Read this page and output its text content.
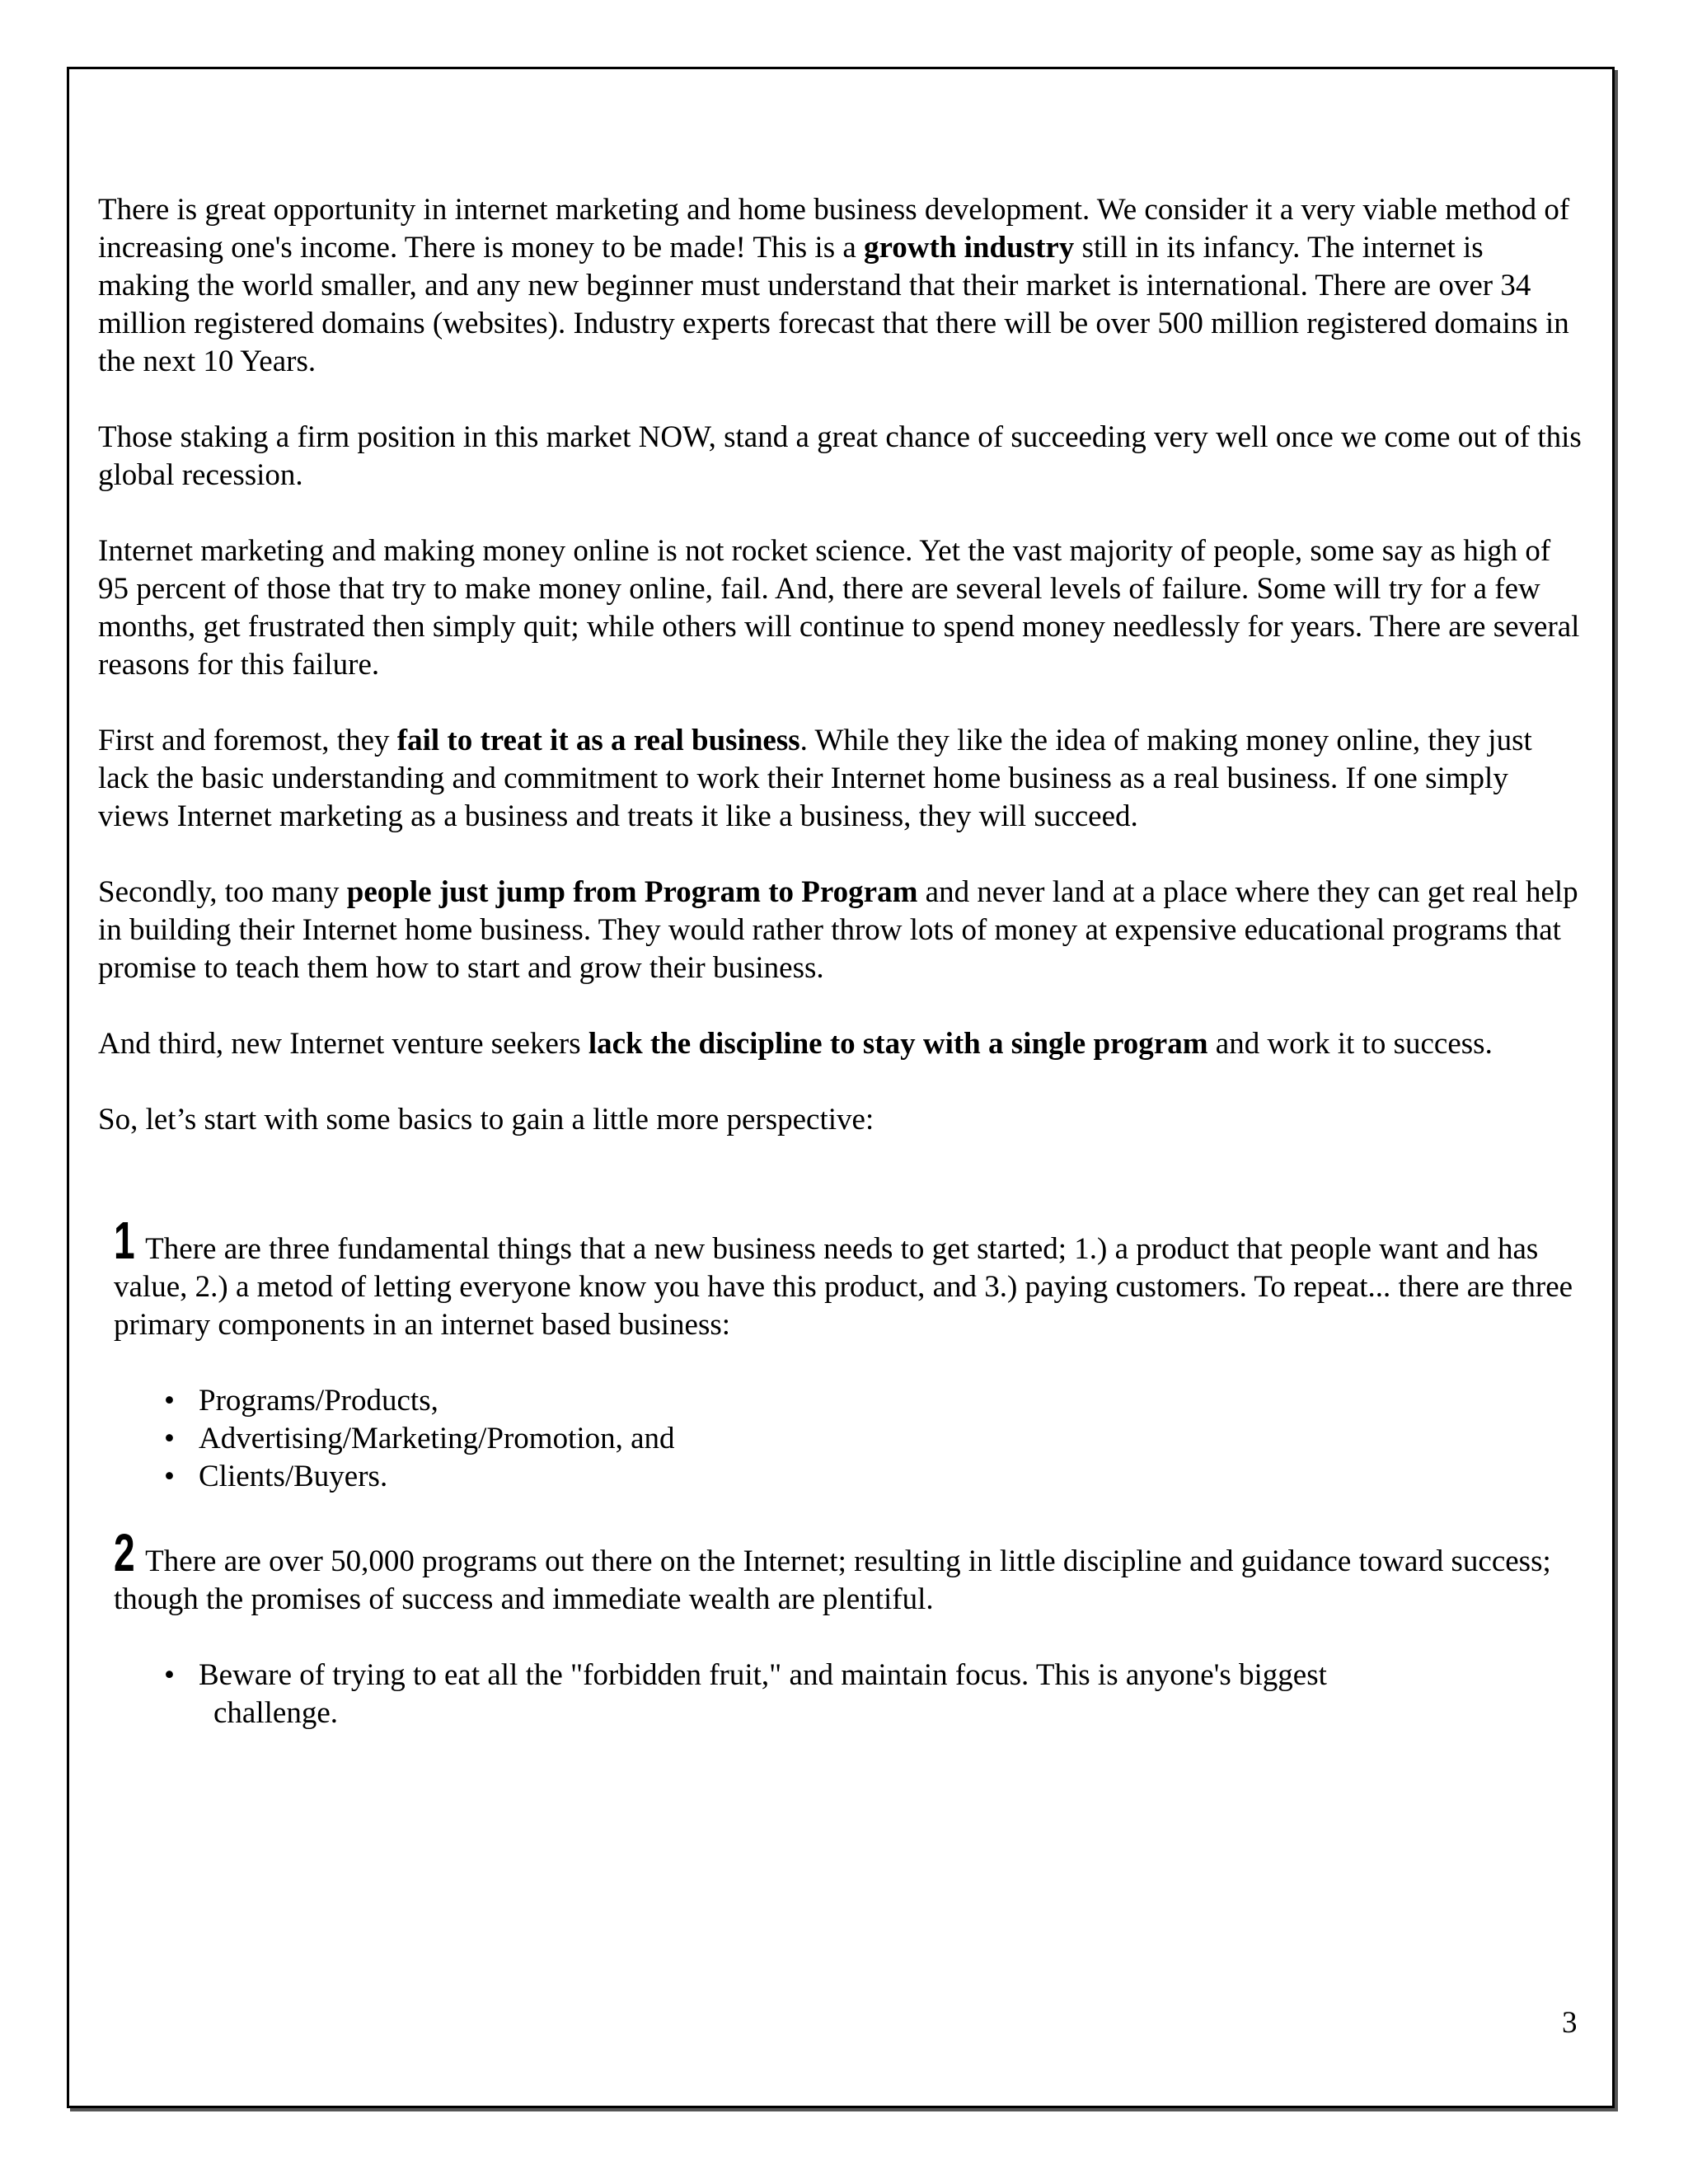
There is great opportunity in internet marketing and home business development. We consider it a very viable method of increasing one's income. There is money to be made! This is a growth industry still in its infancy. The internet is making the world smaller, and any new beginner must understand that their market is international. There are over 34 million registered domains (websites). Industry experts forecast that there will be over 500 million registered domains in the next 10 Years.

Those staking a firm position in this market NOW, stand a great chance of succeeding very well once we come out of this global recession.

Internet marketing and making money online is not rocket science. Yet the vast majority of people, some say as high of 95 percent of those that try to make money online, fail. And, there are several levels of failure. Some will try for a few months, get frustrated then simply quit; while others will continue to spend money needlessly for years. There are several reasons for this failure.

First and foremost, they fail to treat it as a real business. While they like the idea of making money online, they just lack the basic understanding and commitment to work their Internet home business as a real business. If one simply views Internet marketing as a business and treats it like a business, they will succeed.

Secondly, too many people just jump from Program to Program and never land at a place where they can get real help in building their Internet home business. They would rather throw lots of money at expensive educational programs that promise to teach them how to start and grow their business.

And third, new Internet venture seekers lack the discipline to stay with a single program and work it to success.

So, let’s start with some basics to gain a little more perspective:

1 There are three fundamental things that a new business needs to get started; 1.) a product that people want and has value, 2.) a metod of letting everyone know you have this product, and 3.) paying customers. To repeat... there are three primary components in an internet based business:

• Programs/Products,
• Advertising/Marketing/Promotion, and
• Clients/Buyers.

2 There are over 50,000 programs out there on the Internet; resulting in little discipline and guidance toward success; though the promises of success and immediate wealth are plentiful.

• Beware of trying to eat all the "forbidden fruit," and maintain focus. This is anyone's biggest
challenge.
3
